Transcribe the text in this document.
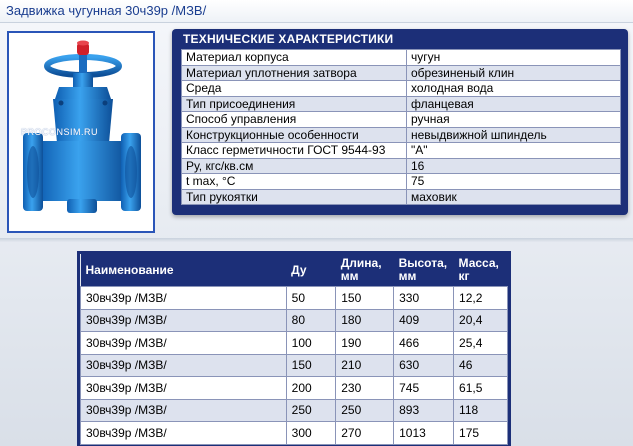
Задвижка чугунная 30ч39р /МЗВ/
PROCONSIM.RU
ТЕХНИЧЕСКИЕ ХАРАКТЕРИСТИКИ
Материал корпуса	чугун
Материал уплотнения затвора	обрезиненый клин
Среда	холодная вода
Тип присоединения	фланцевая
Способ управления	ручная
Конструкционные особенности	невыдвижной шпиндель
Класс герметичности ГОСТ 9544-93	"A"
Ру, кгс/кв.см	16
t max, °С	75
Тип рукоятки	маховик
Наименование	Ду	Длина, мм	Высота, мм	Масса, кг
30вч39р /МЗВ/	50	150	330	12,2
30вч39р /МЗВ/	80	180	409	20,4
30вч39р /МЗВ/	100	190	466	25,4
30вч39р /МЗВ/	150	210	630	46
30вч39р /МЗВ/	200	230	745	61,5
30вч39р /МЗВ/	250	250	893	118
30вч39р /МЗВ/	300	270	1013	175
